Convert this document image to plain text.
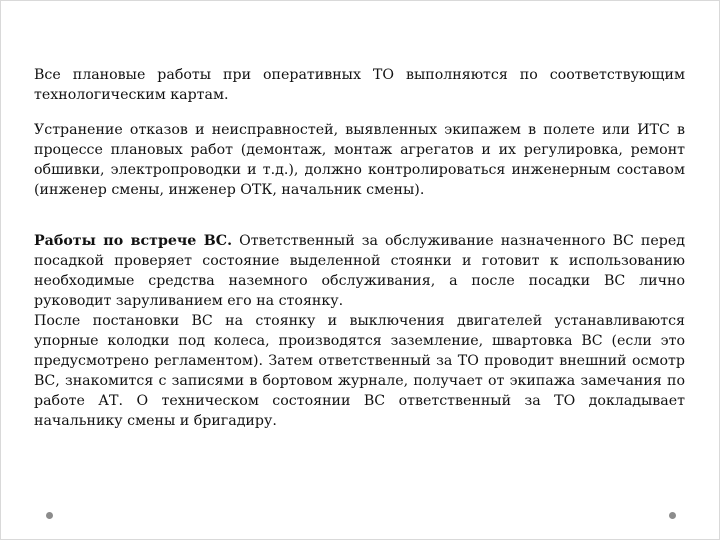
Все плановые работы при оперативных ТО выполняются по соответствующим технологическим картам.

Устранение отказов и неисправностей, выявленных экипажем в полете или ИТС в процессе плановых работ (демонтаж, монтаж агрегатов и их регулировка, ремонт обшивки, электропроводки и т.д.), должно контролироваться инженерным составом (инженер смены, инженер ОТК, начальник смены).

Работы по встрече ВС. Ответственный за обслуживание назначенного ВС перед посадкой проверяет состояние выделенной стоянки и готовит к использованию необходимые средства наземного обслуживания, а после посадки ВС лично руководит заруливанием его на стоянку.

После постановки ВС на стоянку и выключения двигателей устанавливаются упорные колодки под колеса, производятся заземление, швартовка ВС (если это предусмотрено регламентом). Затем ответственный за ТО проводит внешний осмотр ВС, знакомится с записями в бортовом журнале, получает от экипажа замечания по работе АТ. О техническом состоянии ВС ответственный за ТО докладывает начальнику смены и бригадиру.
